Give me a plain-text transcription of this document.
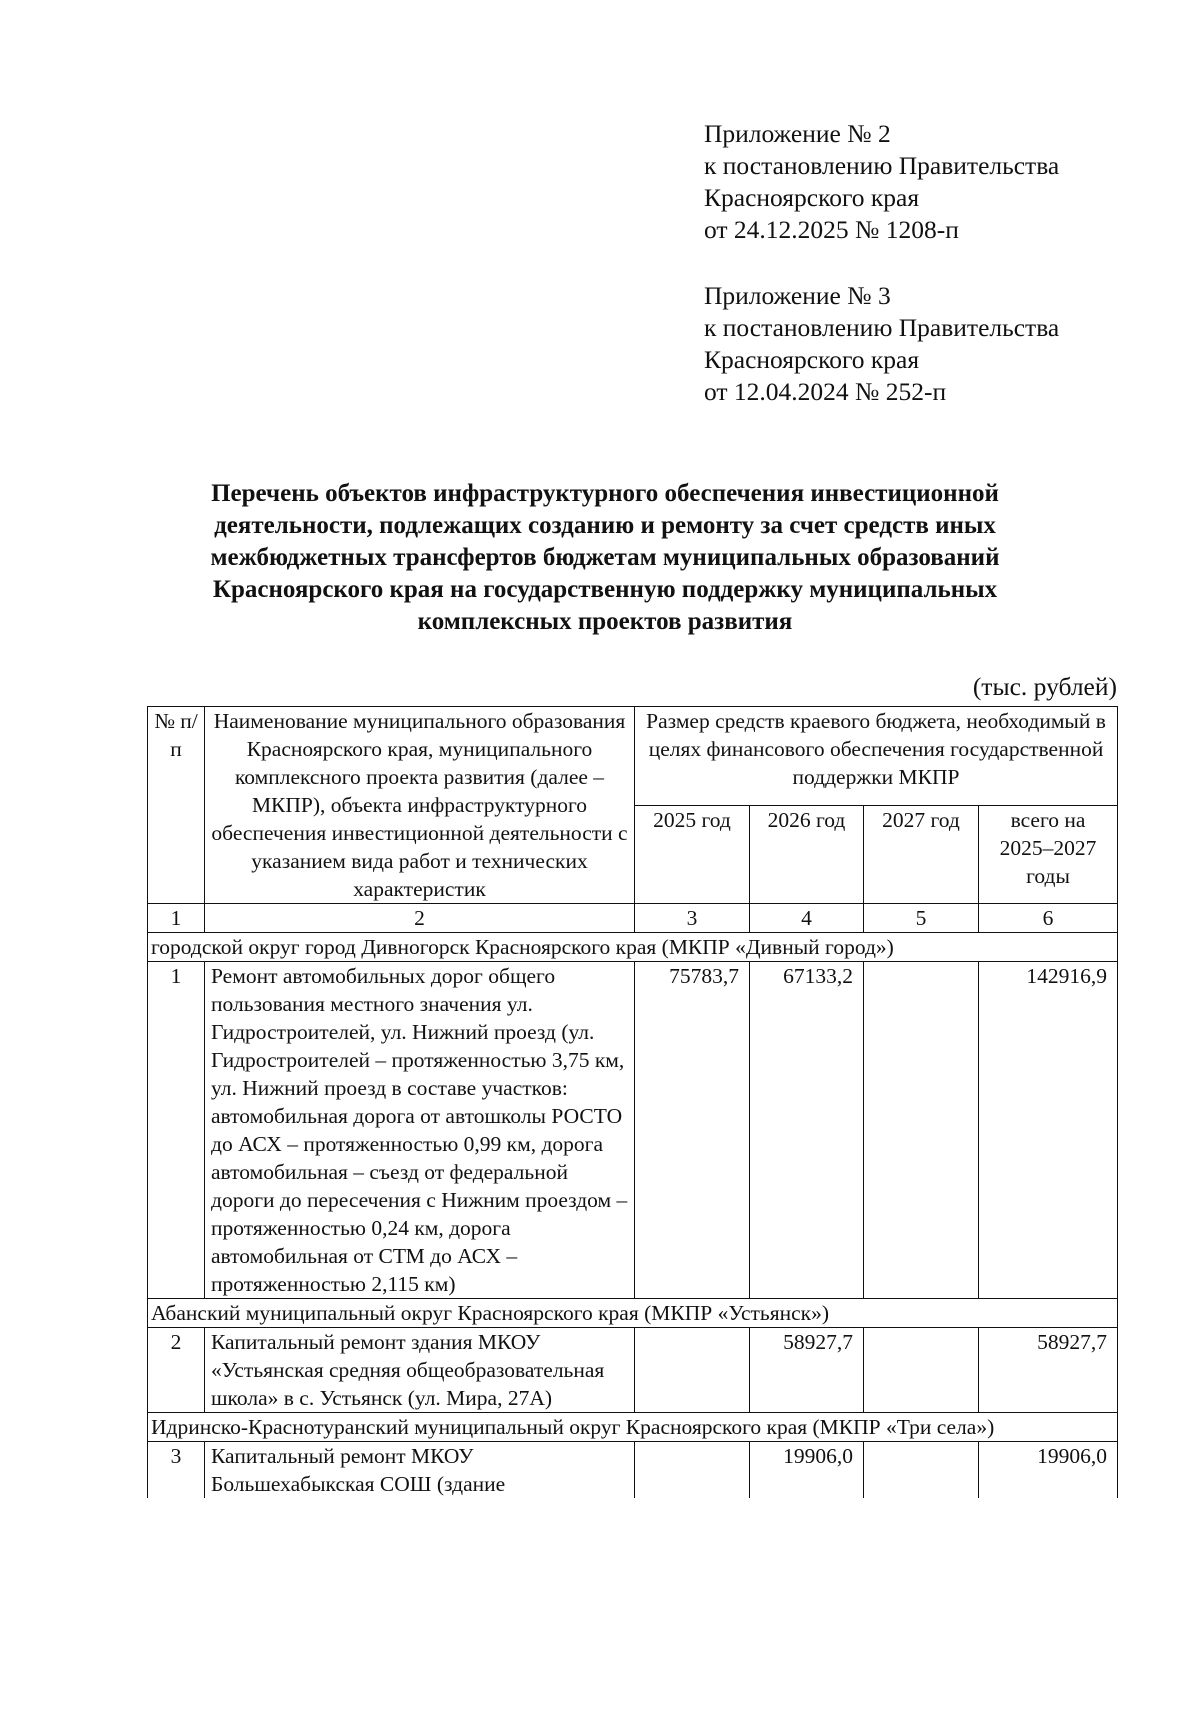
Приложение № 2
к постановлению Правительства
Красноярского края
от 24.12.2025 № 1208-п
Приложение № 3
к постановлению Правительства
Красноярского края
от 12.04.2024 № 252-п
Перечень объектов инфраструктурного обеспечения инвестиционной
деятельности, подлежащих созданию и ремонту за счет средств иных
межбюджетных трансфертов бюджетам муниципальных образований
Красноярского края на государственную поддержку муниципальных
комплексных проектов развития
(тыс. рублей)
№ п/п	Наименование муниципального образования Красноярского края, муниципального комплексного проекта развития (далее – МКПР), объекта инфраструктурного обеспечения инвестиционной деятельности с указанием вида работ и технических характеристик	Размер средств краевого бюджета, необходимый в целях финансового обеспечения государственной поддержки МКПР			
		2025 год	2026 год	2027 год	всего на 2025–2027 годы
1	2	3	4	5	6
городской округ город Дивногорск Красноярского края (МКПР «Дивный город»)					
1	Ремонт автомобильных дорог общего пользования местного значения ул. Гидростроителей, ул. Нижний проезд (ул. Гидростроителей – протяженностью 3,75 км, ул. Нижний проезд в составе участков: автомобильная дорога от автошколы РОСТО до АСХ – протяженностью 0,99 км, дорога автомобильная – съезд от федеральной дороги до пересечения с Нижним проездом – протяженностью 0,24 км, дорога автомобильная от СТМ до АСХ – протяженностью 2,115 км)	75783,7	67133,2		142916,9
Абанский муниципальный округ Красноярского края (МКПР «Устьянск»)					
2	Капитальный ремонт здания МКОУ «Устьянская средняя общеобразовательная школа» в с. Устьянск (ул. Мира, 27А)		58927,7		58927,7
Идринско-Краснотуранский муниципальный округ Красноярского края (МКПР «Три села»)					
3	Капитальный ремонт МКОУ Большехабыкская СОШ (здание		19906,0		19906,0
